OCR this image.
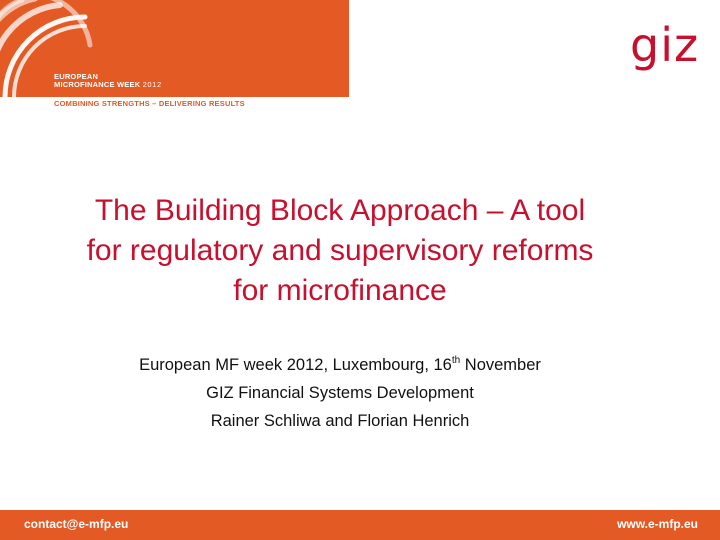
EUROPEAN
MICROFINANCE WEEK 2012
COMBINING STRENGTHS – DELIVERING RESULTS
giz
The Building Block Approach – A tool
for regulatory and supervisory reforms
for microfinance
European MF week 2012, Luxembourg, 16th November
GIZ Financial Systems Development
Rainer Schliwa and Florian Henrich
contact@e-mfp.eu	www.e-mfp.eu
